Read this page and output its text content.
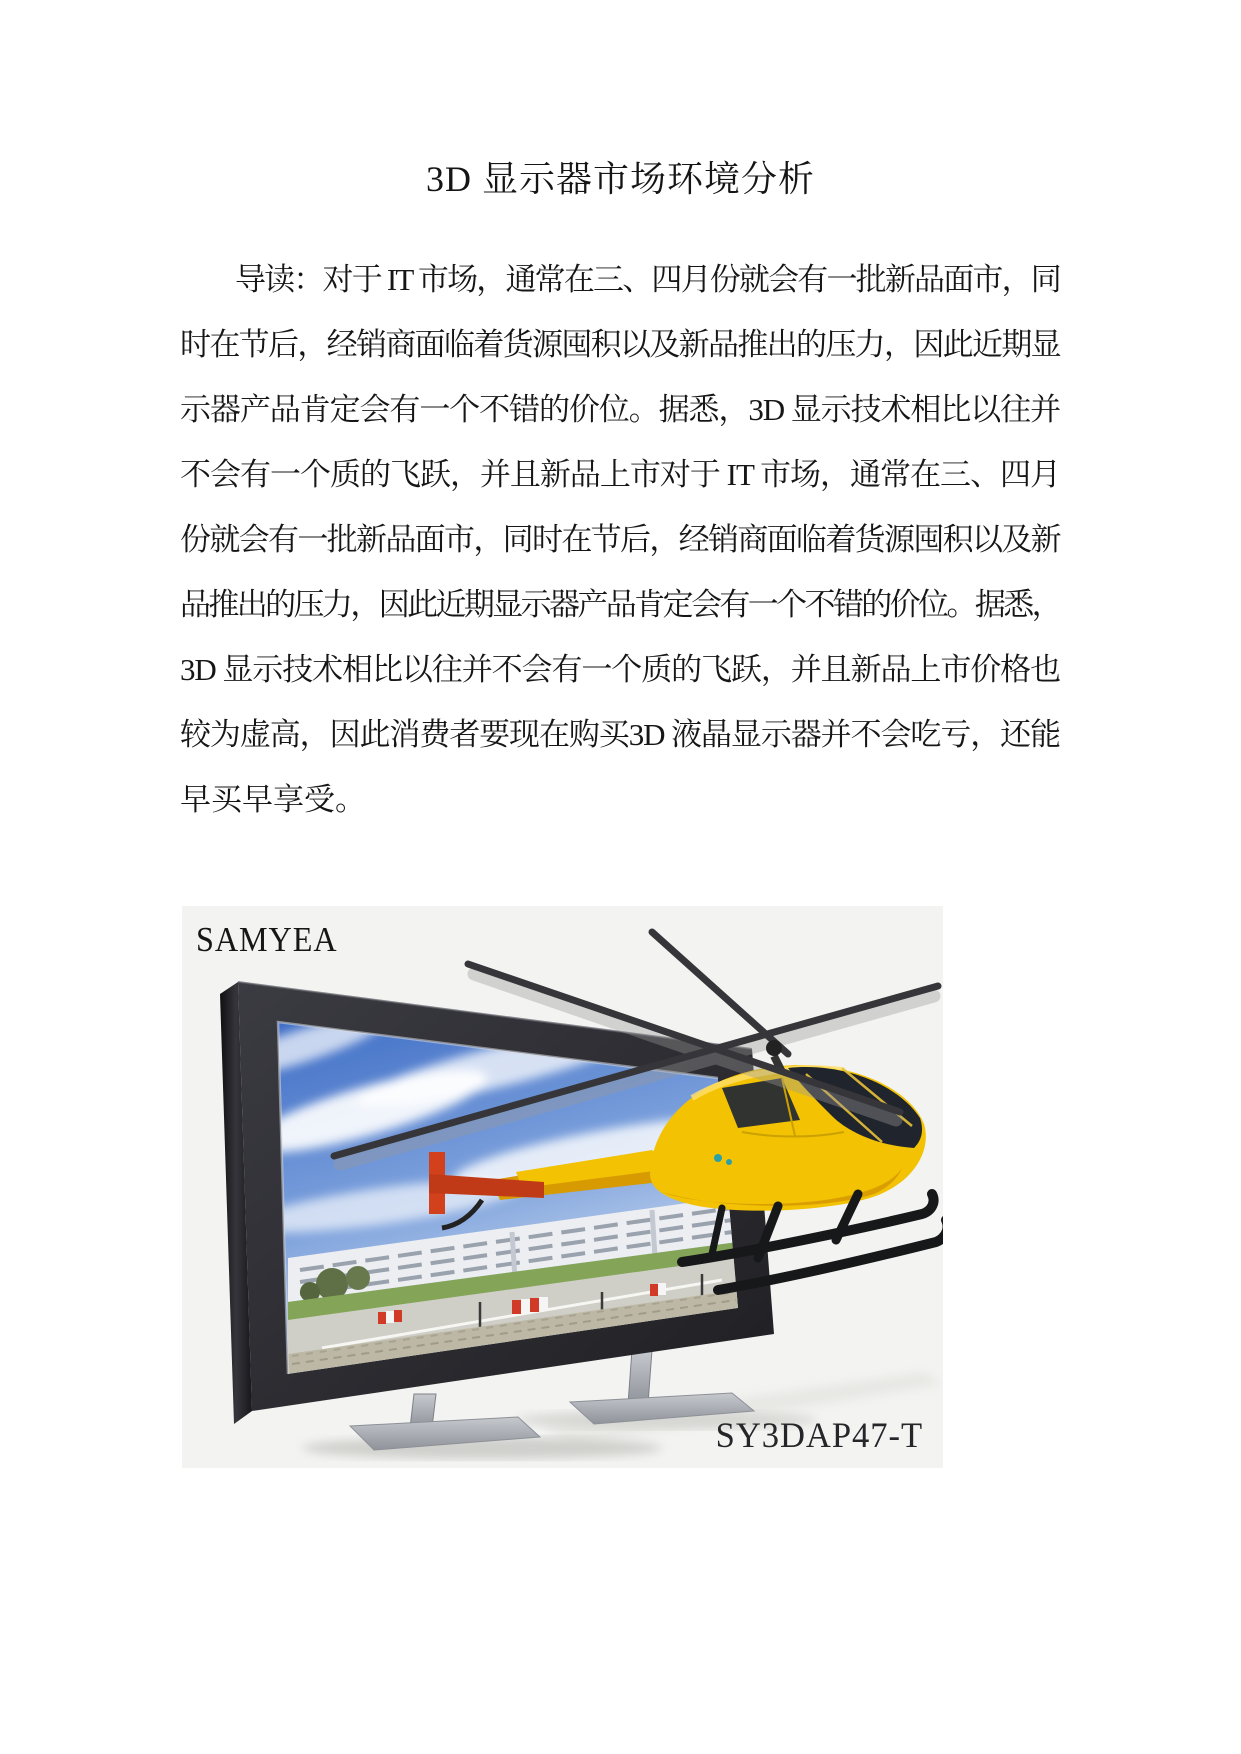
3D 显示器市场环境分析
导读：对于 IT 市场，通常在三、四月份就会有一批新品面市，同
时在节后，经销商面临着货源囤积以及新品推出的压力，因此近期显
示器产品肯定会有一个不错的价位。据悉，3D 显示技术相比以往并
不会有一个质的飞跃，并且新品上市对于 IT 市场，通常在三、四月
份就会有一批新品面市，同时在节后，经销商面临着货源囤积以及新
品推出的压力，因此近期显示器产品肯定会有一个不错的价位。据悉，
3D 显示技术相比以往并不会有一个质的飞跃，并且新品上市价格也
较为虚高，因此消费者要现在购买3D 液晶显示器并不会吃亏，还能
早买早享受。
SAMYEA
SY3DAP47-T
